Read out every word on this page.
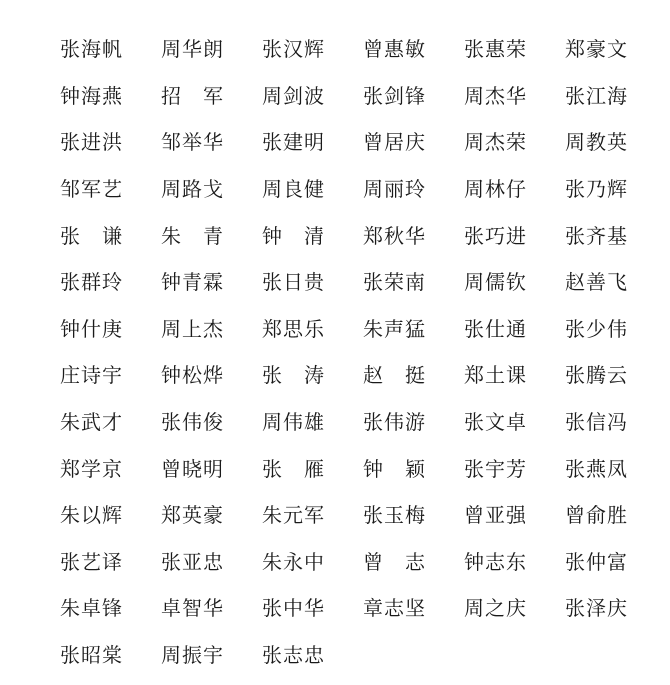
张海帆	周华朗	张汉辉	曾惠敏	张惠荣	郑豪文
钟海燕	招　军	周剑波	张剑锋	周杰华	张江海
张进洪	邹举华	张建明	曾居庆	周杰荣	周教英
邹军艺	周路戈	周良健	周丽玲	周林仔	张乃辉
张　谦	朱　青	钟　清	郑秋华	张巧进	张齐基
张群玲	钟青霖	张日贵	张荣南	周儒钦	赵善飞
钟什庚	周上杰	郑思乐	朱声猛	张仕通	张少伟
庄诗宇	钟松烨	张　涛	赵　挺	郑土课	张腾云
朱武才	张伟俊	周伟雄	张伟游	张文卓	张信冯
郑学京	曾晓明	张　雁	钟　颖	张宇芳	张燕凤
朱以辉	郑英豪	朱元军	张玉梅	曾亚强	曾俞胜
张艺译	张亚忠	朱永中	曾　志	钟志东	张仲富
朱卓锋	卓智华	张中华	章志坚	周之庆	张泽庆
张昭棠	周振宇	张志忠
